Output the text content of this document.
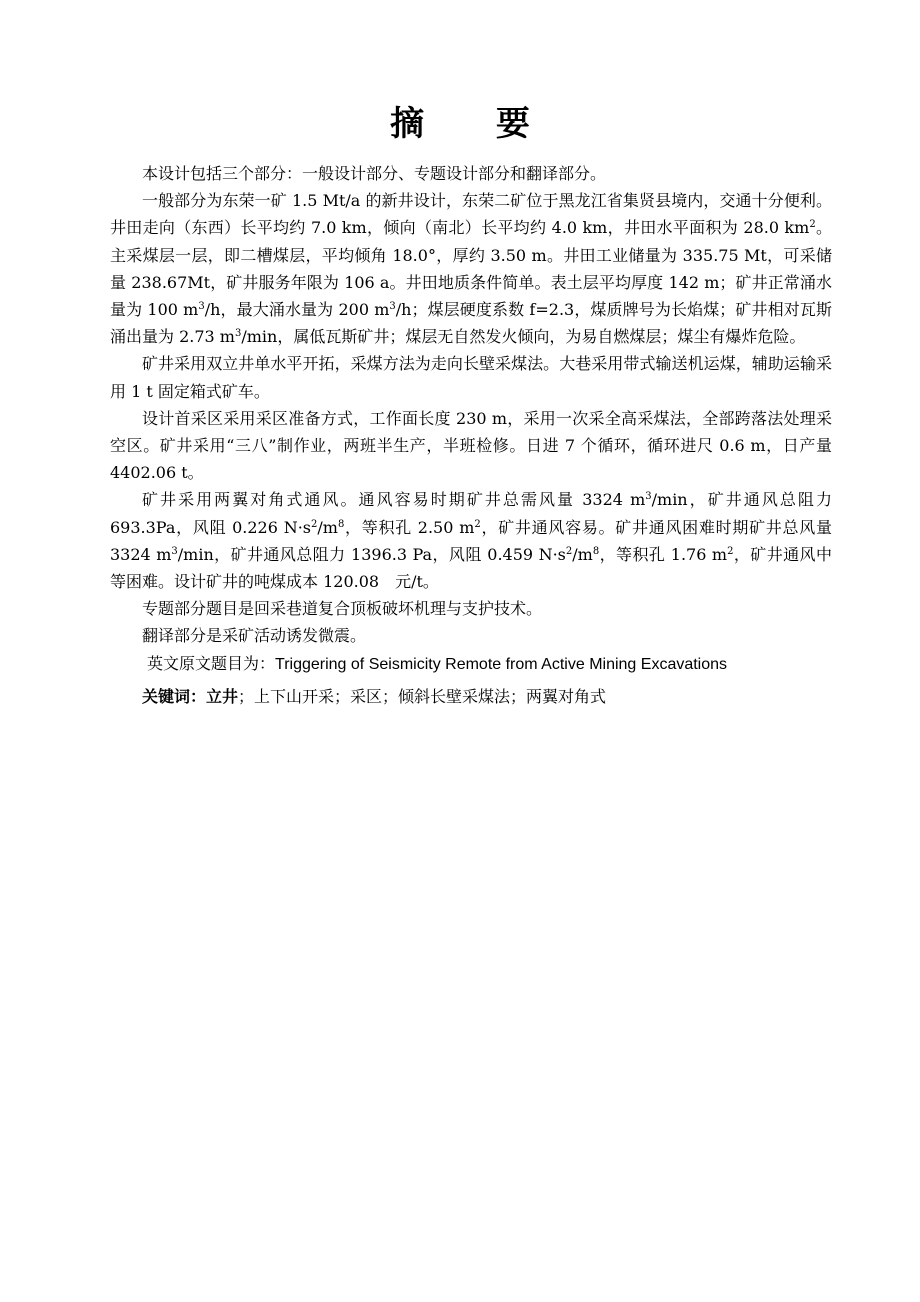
摘 要

本设计包括三个部分：一般设计部分、专题设计部分和翻译部分。

一般部分为东荣一矿 1.5 Mt/a 的新井设计，东荣二矿位于黑龙江省集贤县境内，交通十分便利。井田走向（东西）长平均约 7.0 km，倾向（南北）长平均约 4.0 km，井田水平面积为 28.0 $km^2$。主采煤层一层，即二槽煤层，平均倾角 18.0°，厚约 3.50 m。井田工业储量为 335.75 Mt，可采储量 238.67Mt，矿井服务年限为 106 a。井田地质条件简单。表土层平均厚度 142 m；矿井正常涌水量为 100 $m^3/h$，最大涌水量为 200 $m^3/h$；煤层硬度系数 f=2.3，煤质牌号为长焰煤；矿井相对瓦斯涌出量为 2.73 $m^3/\min$，属低瓦斯矿井；煤层无自然发火倾向，为易自燃煤层；煤尘有爆炸危险。

矿井采用双立井单水平开拓，采煤方法为走向长壁采煤法。大巷采用带式输送机运煤，辅助运输采用 1 t 固定箱式矿车。

设计首采区采用采区准备方式，工作面长度 230 m，采用一次采全高采煤法，全部跨落法处理采空区。矿井采用“三八”制作业，两班半生产，半班检修。日进 7 个循环，循环进尺 0.6 m，日产量 4402.06 t。

矿井采用两翼对角式通风。通风容易时期矿井总需风量 3324 $m^3/\min$，矿井通风总阻力 693.3Pa，风阻 0.226 $N\cdot s^2/m^8$，等积孔 2.50 $m^2$，矿井通风容易。矿井通风困难时期矿井总风量 3324 $m^3/\min$，矿井通风总阻力 1396.3 Pa，风阻 0.459 $N\cdot s^2/m^8$，等积孔 1.76 $m^2$，矿井通风中等困难。设计矿井的吨煤成本 120.08　元/t。

专题部分题目是回采巷道复合顶板破坏机理与支护技术。

翻译部分是采矿活动诱发微震。

英文原文题目为：Triggering of Seismicity Remote from Active Mining Excavations

关键词：立井；上下山开采；采区；倾斜长壁采煤法；两翼对角式
